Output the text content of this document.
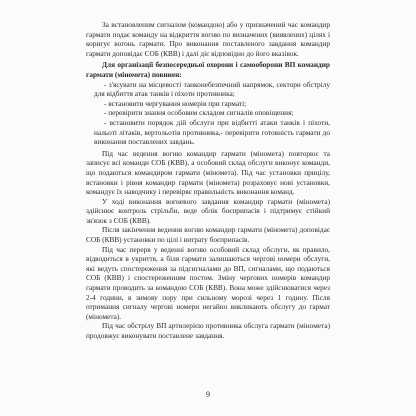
За встановленим сигналом (командою) або у призначений час командир гармати подає команду на відкриття вогню по визначених (виявлених) цілях і коригує вогонь гармати. Про виконання поставленого завдання командир гармати доповідає СОБ (КВВ) і далі діє відповідно до його вказівок.

Для організації безпосередньої охорони і самооборони ВП командир гармати (міномета) повинен:

- з'ясувати на місцевості танконебезпечний напрямок, сектори обстрілу для відбиття атак танків і піхоти противника;

- встановити чергування номерів при гарматі;

- перевірити знання особовим складом сигналів оповіщення;

- встановити порядок дій обслуги при відбитті атаки танків і піхоти, нальоті літаків, вертольотів противника,- перевірити готовність гармати до виконання поставлених завдань.

Під час ведення вогню командир гармати (міномета) повторює та записує всі команди СОБ (КВВ), а особовий склад обслуги виконує команди, що подаються командиром гармати (міномета). Під час установки прицілу, встановки і рівня командир гармати (міномета) розраховує нові установки, командує їх наводчику і перевіряє правильність виконання команд.

У ході виконання вогневого завдання командир гармати (міномета) здійснює контроль стрільби, веде облік боєприпасів і підтримує стійкий зв'язок з СОБ (КВВ).

Після закінчення ведення вогню командир гармати (міномета) доповідає СОБ (КВВ) установки по цілі і витрату боєприпасів.

Під час перерв у веденні вогню особовий склад обслуги, як правило, відводиться в укриття, а біля гармати залишаються чергові номери обслуги, які ведуть спостереження за підсигналами до ВП, сигналами, що подаються СОБ (КВВ) і спостереженням постом. Зміну чергових номерів командир гармати проводить за командою СОБ (КВВ). Вона може здійснюватися через 2-4 години, в зимову пору при сильному морозі через 1 годину. Після отримання сигналу чергові номери негайно викликають обслугу до гармат (міномета).

Під час обстрілу ВП артилерією противника обслуга гармати (міномета) продовжує виконувати поставлене завдання.

9
